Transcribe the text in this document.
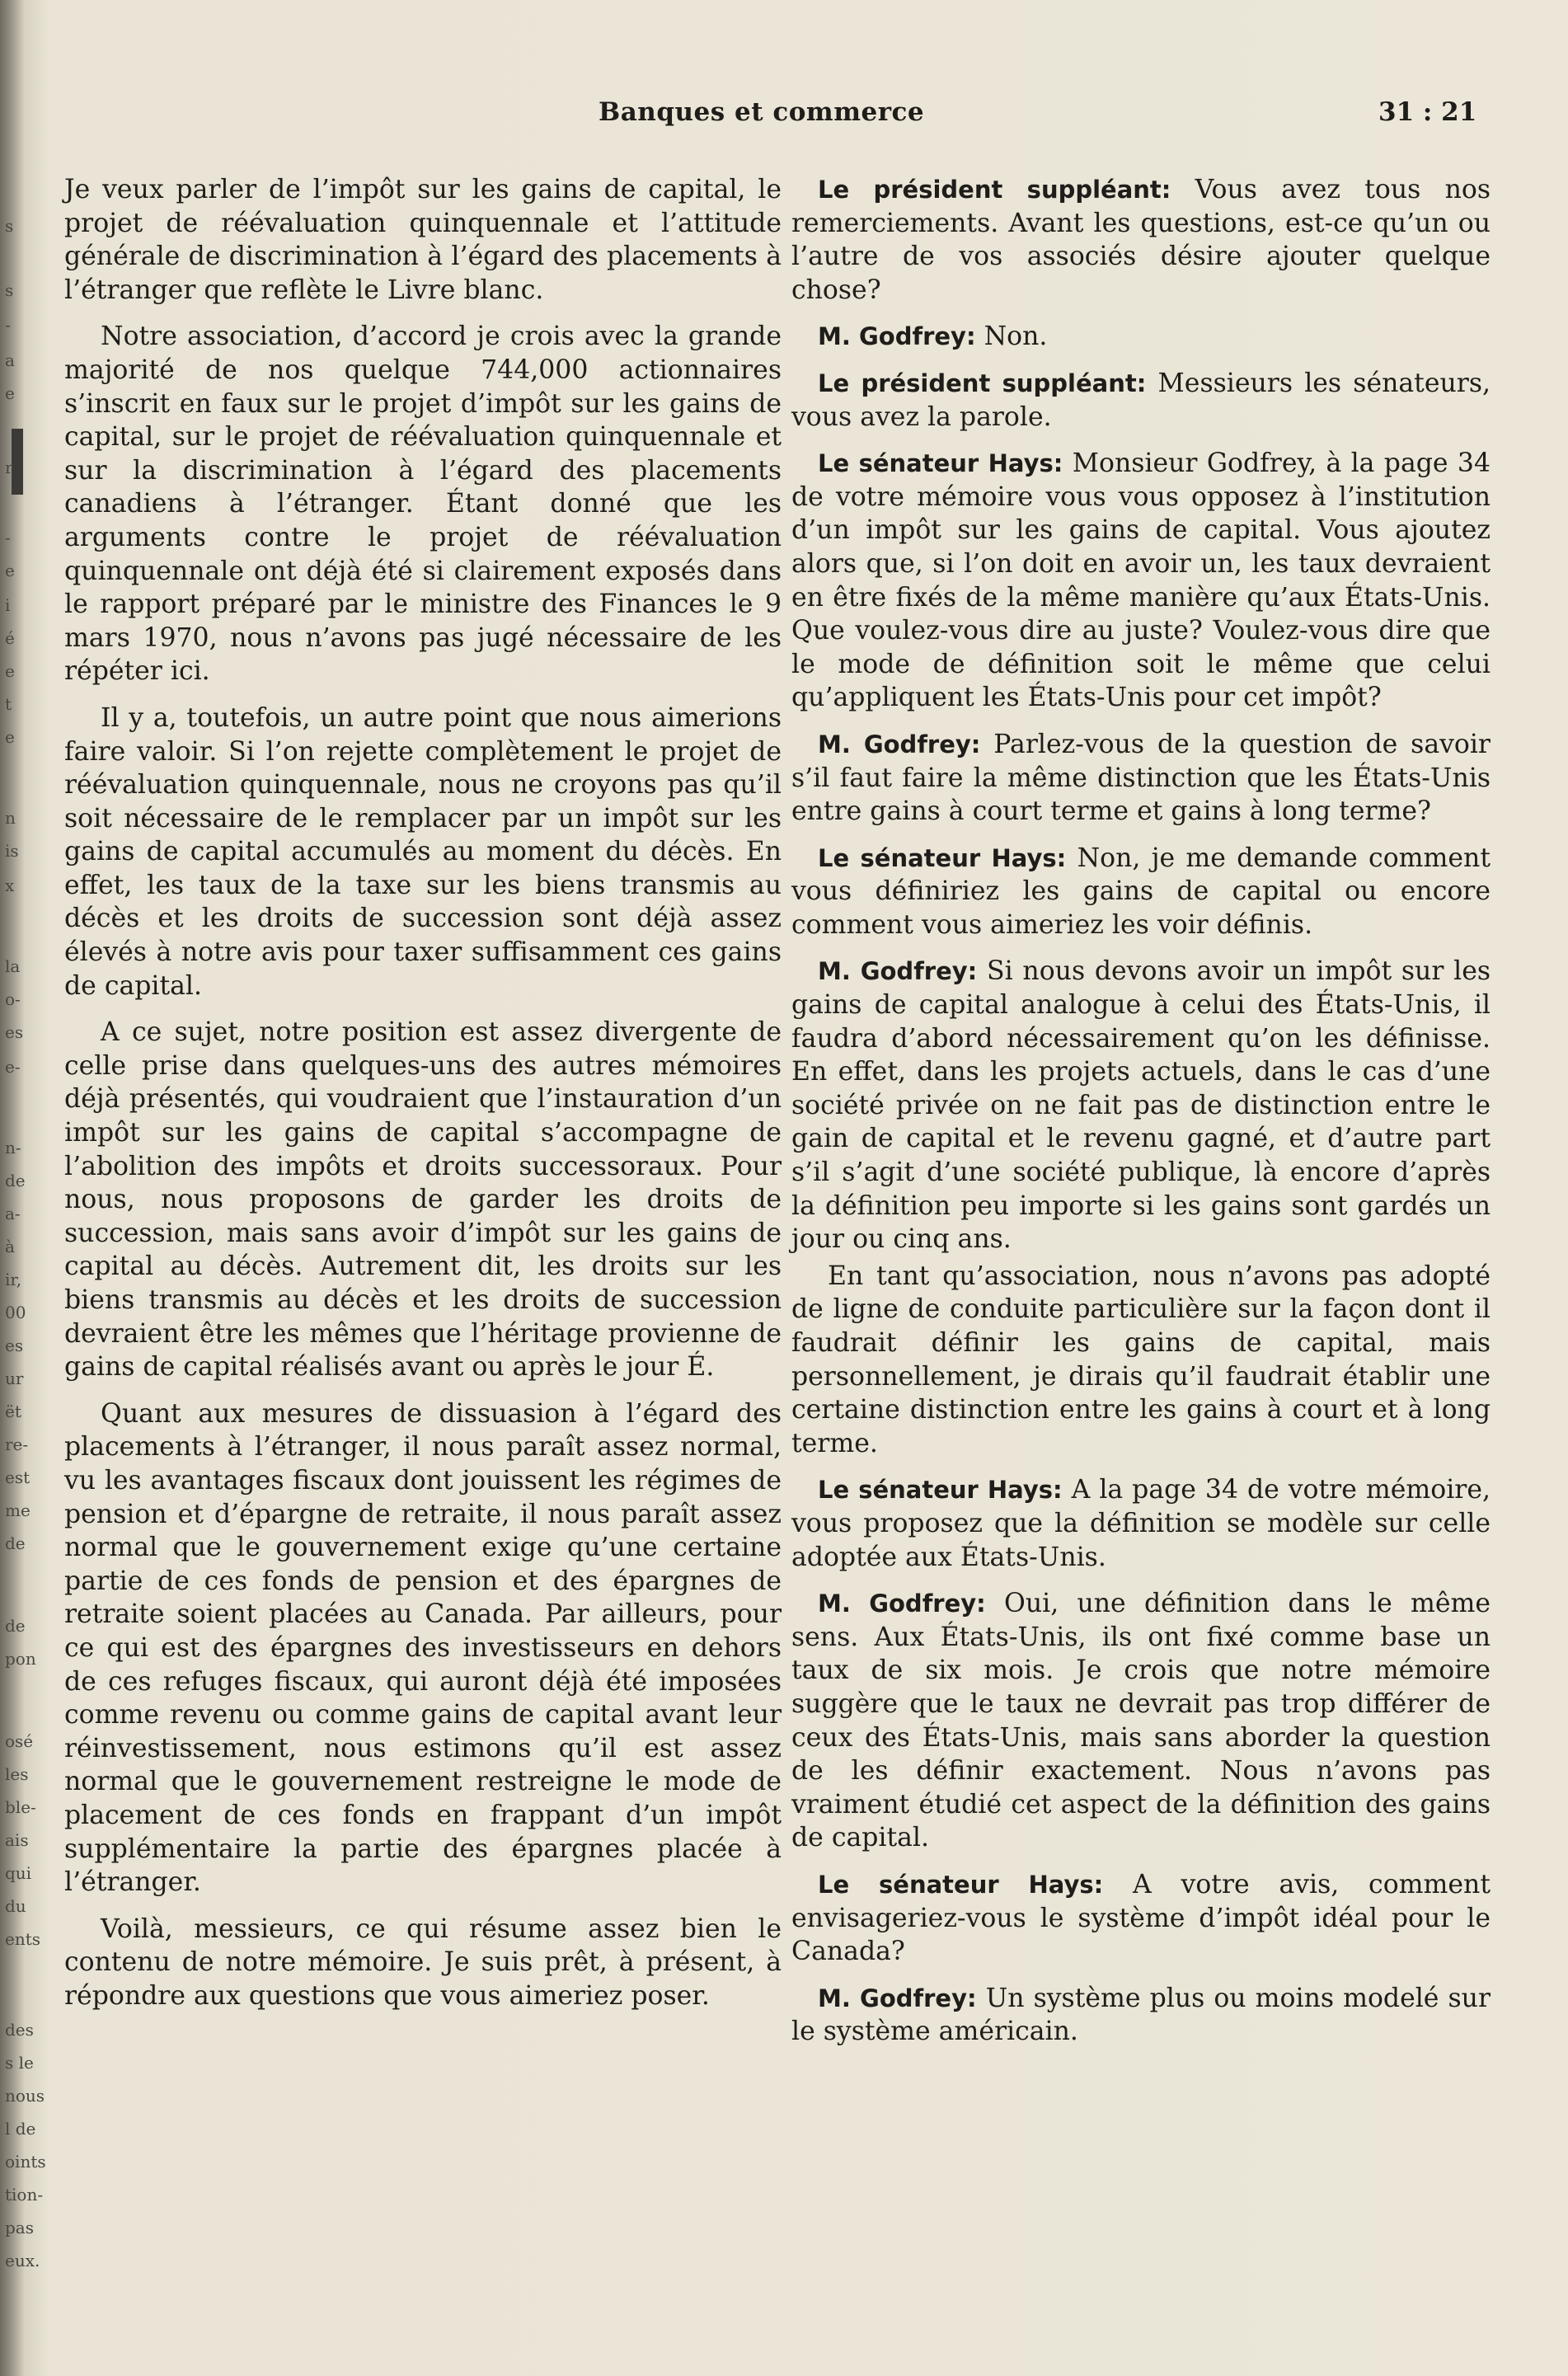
s
s
-
a
e
r
-
e
i
é
e
t
e
n
is
x
la
o-
es
e-
n-
de
a-
à
ir,
00
es
ur
ët
re-
est
me
de
de
pon
osé
les
ble-
ais
qui
du
ents
des
s le
nous
l de
oints
tion-
pas
eux.
Banques et commerce	31 : 21

Je veux parler de l’impôt sur les gains de capital, le projet de réévaluation quinquennale et l’attitude générale de discrimination à l’égard des placements à l’étranger que reflète le Livre blanc.

Notre association, d’accord je crois avec la grande majorité de nos quelque 744,000 actionnaires s’inscrit en faux sur le projet d’impôt sur les gains de capital, sur le projet de réévaluation quinquennale et sur la discrimination à l’égard des placements canadiens à l’étranger. Étant donné que les arguments contre le projet de réévaluation quinquennale ont déjà été si clairement exposés dans le rapport préparé par le ministre des Finances le 9 mars 1970, nous n’avons pas jugé nécessaire de les répéter ici.

Il y a, toutefois, un autre point que nous aimerions faire valoir. Si l’on rejette complètement le projet de réévaluation quinquennale, nous ne croyons pas qu’il soit nécessaire de le remplacer par un impôt sur les gains de capital accumulés au moment du décès. En effet, les taux de la taxe sur les biens transmis au décès et les droits de succession sont déjà assez élevés à notre avis pour taxer suffisamment ces gains de capital.

A ce sujet, notre position est assez divergente de celle prise dans quelques-uns des autres mémoires déjà présentés, qui voudraient que l’instauration d’un impôt sur les gains de capital s’accompagne de l’abolition des impôts et droits successoraux. Pour nous, nous proposons de garder les droits de succession, mais sans avoir d’impôt sur les gains de capital au décès. Autrement dit, les droits sur les biens transmis au décès et les droits de succession devraient être les mêmes que l’héritage provienne de gains de capital réalisés avant ou après le jour É.

Quant aux mesures de dissuasion à l’égard des placements à l’étranger, il nous paraît assez normal, vu les avantages fiscaux dont jouissent les régimes de pension et d’épargne de retraite, il nous paraît assez normal que le gouvernement exige qu’une certaine partie de ces fonds de pension et des épargnes de retraite soient placées au Canada. Par ailleurs, pour ce qui est des épargnes des investisseurs en dehors de ces refuges fiscaux, qui auront déjà été imposées comme revenu ou comme gains de capital avant leur réinvestissement, nous estimons qu’il est assez normal que le gouvernement restreigne le mode de placement de ces fonds en frappant d’un impôt supplémentaire la partie des épargnes placée à l’étranger.

Voilà, messieurs, ce qui résume assez bien le contenu de notre mémoire. Je suis prêt, à présent, à répondre aux questions que vous aimeriez poser.

Le président suppléant: Vous avez tous nos remerciements. Avant les questions, est-ce qu’un ou l’autre de vos associés désire ajouter quelque chose?

M. Godfrey: Non.

Le président suppléant: Messieurs les sénateurs, vous avez la parole.

Le sénateur Hays: Monsieur Godfrey, à la page 34 de votre mémoire vous vous opposez à l’institution d’un impôt sur les gains de capital. Vous ajoutez alors que, si l’on doit en avoir un, les taux devraient en être fixés de la même manière qu’aux États-Unis. Que voulez-vous dire au juste? Voulez-vous dire que le mode de définition soit le même que celui qu’appliquent les États-Unis pour cet impôt?

M. Godfrey: Parlez-vous de la question de savoir s’il faut faire la même distinction que les États-Unis entre gains à court terme et gains à long terme?

Le sénateur Hays: Non, je me demande comment vous définiriez les gains de capital ou encore comment vous aimeriez les voir définis.

M. Godfrey: Si nous devons avoir un impôt sur les gains de capital analogue à celui des États-Unis, il faudra d’abord nécessairement qu’on les définisse. En effet, dans les projets actuels, dans le cas d’une société privée on ne fait pas de distinction entre le gain de capital et le revenu gagné, et d’autre part s’il s’agit d’une société publique, là encore d’après la définition peu importe si les gains sont gardés un jour ou cinq ans.

En tant qu’association, nous n’avons pas adopté de ligne de conduite particulière sur la façon dont il faudrait définir les gains de capital, mais personnellement, je dirais qu’il faudrait établir une certaine distinction entre les gains à court et à long terme.

Le sénateur Hays: A la page 34 de votre mémoire, vous proposez que la définition se modèle sur celle adoptée aux États-Unis.

M. Godfrey: Oui, une définition dans le même sens. Aux États-Unis, ils ont fixé comme base un taux de six mois. Je crois que notre mémoire suggère que le taux ne devrait pas trop différer de ceux des États-Unis, mais sans aborder la question de les définir exactement. Nous n’avons pas vraiment étudié cet aspect de la définition des gains de capital.

Le sénateur Hays: A votre avis, comment envisageriez-vous le système d’impôt idéal pour le Canada?

M. Godfrey: Un système plus ou moins modelé sur le système américain.
